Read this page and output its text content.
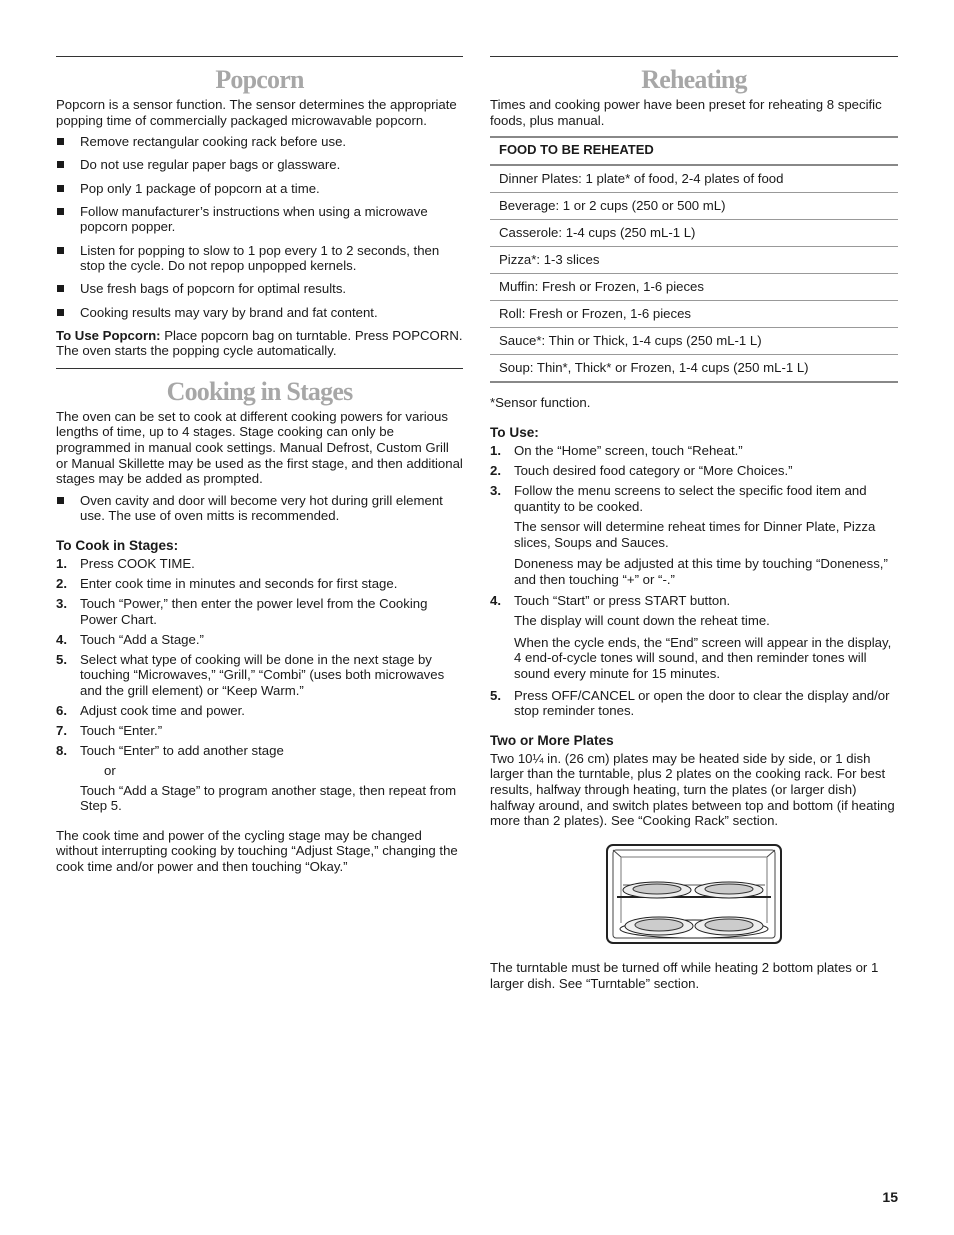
Popcorn

Popcorn is a sensor function. The sensor determines the appropriate popping time of commercially packaged microwavable popcorn.

Remove rectangular cooking rack before use.
Do not use regular paper bags or glassware.
Pop only 1 package of popcorn at a time.
Follow manufacturer’s instructions when using a microwave popcorn popper.
Listen for popping to slow to 1 pop every 1 to 2 seconds, then stop the cycle. Do not repop unpopped kernels.
Use fresh bags of popcorn for optimal results.
Cooking results may vary by brand and fat content.

To Use Popcorn: Place popcorn bag on turntable. Press POPCORN. The oven starts the popping cycle automatically.

Cooking in Stages

The oven can be set to cook at different cooking powers for various lengths of time, up to 4 stages. Stage cooking can only be programmed in manual cook settings. Manual Defrost, Custom Grill or Manual Skillette may be used as the first stage, and then additional stages may be added as prompted.

Oven cavity and door will become very hot during grill element use. The use of oven mitts is recommended.
To Cook in Stages:
1. Press COOK TIME.
2. Enter cook time in minutes and seconds for first stage.
3. Touch “Power,” then enter the power level from the Cooking Power Chart.
4. Touch “Add a Stage.”
5. Select what type of cooking will be done in the next stage by touching “Microwaves,” “Grill,” “Combi” (uses both microwaves and the grill element) or “Keep Warm.”
6. Adjust cook time and power.
7. Touch “Enter.”
8. Touch “Enter” to add another stage

or

Touch “Add a Stage” to program another stage, then repeat from Step 5.

The cook time and power of the cycling stage may be changed without interrupting cooking by touching “Adjust Stage,” changing the cook time and/or power and then touching “Okay.”

Reheating

Times and cooking power have been preset for reheating 8 specific foods, plus manual.

FOOD TO BE REHEATED
Dinner Plates: 1 plate* of food, 2-4 plates of food
Beverage: 1 or 2 cups (250 or 500 mL)
Casserole: 1-4 cups (250 mL-1 L)
Pizza*: 1-3 slices
Muffin: Fresh or Frozen, 1-6 pieces
Roll: Fresh or Frozen, 1-6 pieces
Sauce*: Thin or Thick, 1-4 cups (250 mL-1 L)
Soup: Thin*, Thick* or Frozen, 1-4 cups (250 mL-1 L)

*Sensor function.

To Use:
1. On the “Home” screen, touch “Reheat.”
2. Touch desired food category or “More Choices.”
3. Follow the menu screens to select the specific food item and quantity to be cooked.

The sensor will determine reheat times for Dinner Plate, Pizza slices, Soups and Sauces.

Doneness may be adjusted at this time by touching “Doneness,” and then touching “+” or “-.”

4. Touch “Start” or press START button.

The display will count down the reheat time.

When the cycle ends, the “End” screen will appear in the display, 4 end-of-cycle tones will sound, and then reminder tones will sound every minute for 15 minutes.

5. Press OFF/CANCEL or open the door to clear the display and/or stop reminder tones.
Two or More Plates

Two 10¼ in. (26 cm) plates may be heated side by side, or 1 dish larger than the turntable, plus 2 plates on the cooking rack. For best results, halfway through heating, turn the plates (or larger dish) halfway around, and switch plates between top and bottom (if heating more than 2 plates). See “Cooking Rack” section.

The turntable must be turned off while heating 2 bottom plates or 1 larger dish. See “Turntable” section.

15
